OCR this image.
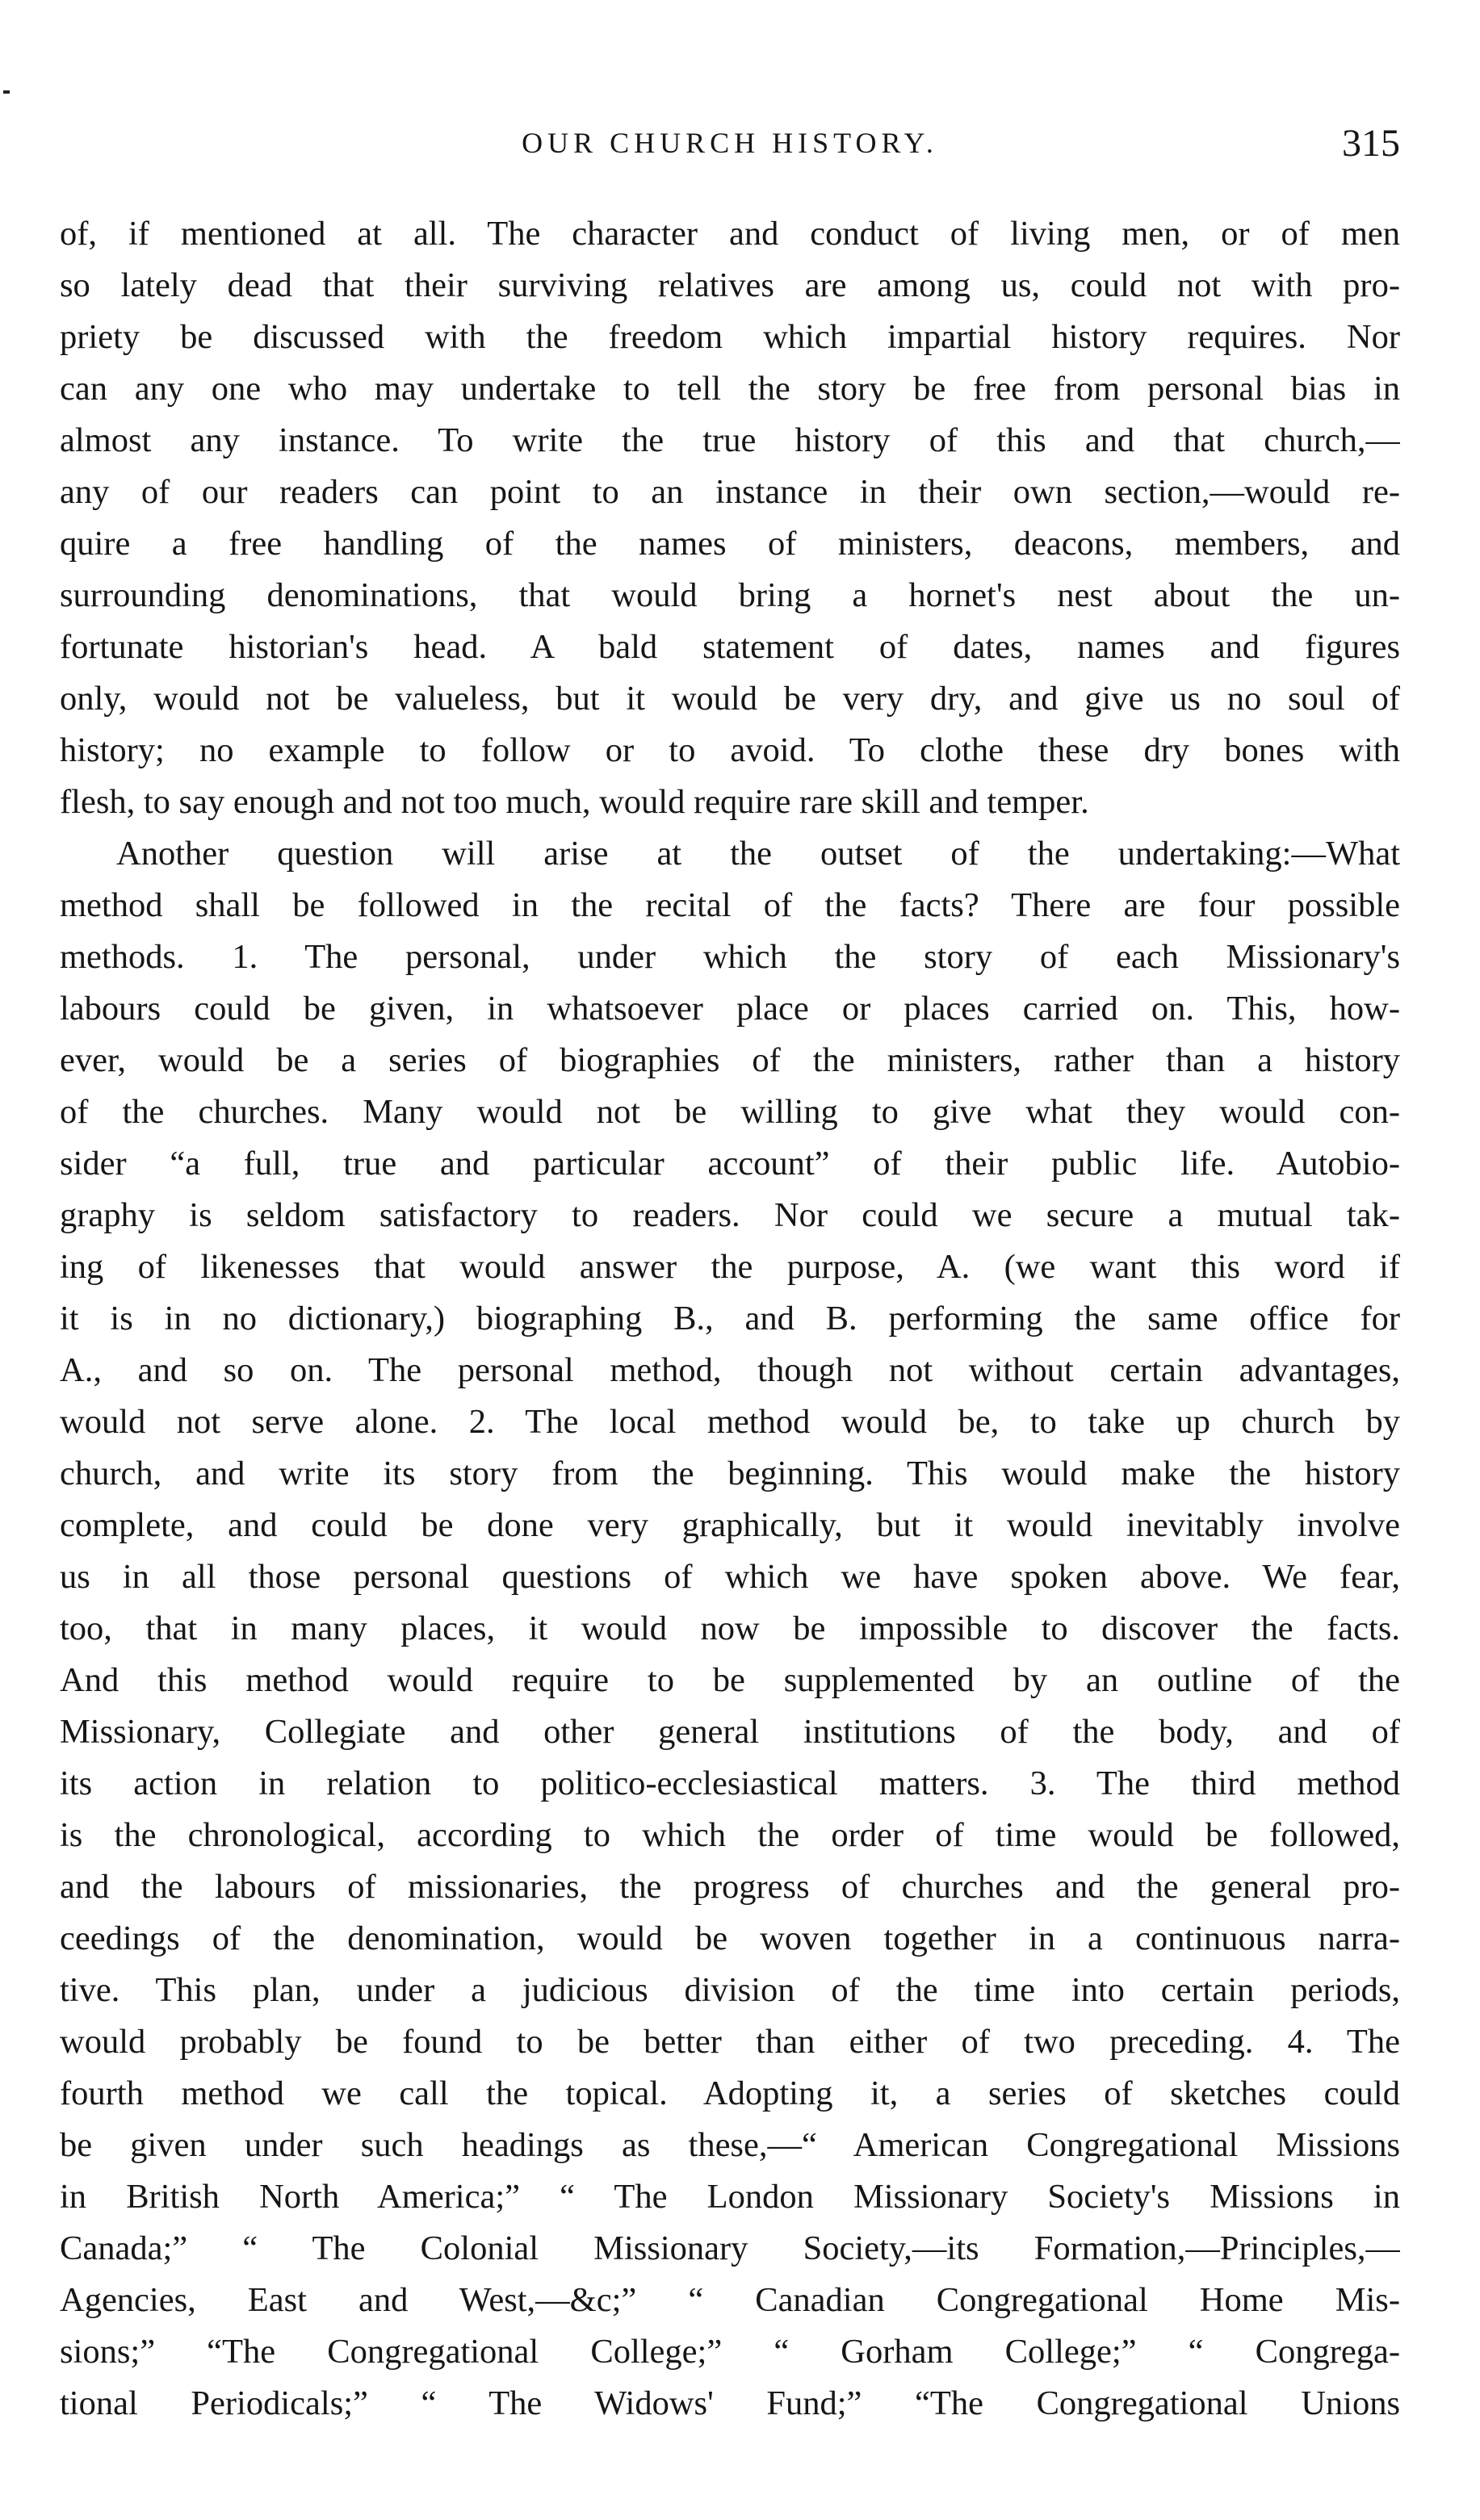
OUR CHURCH HISTORY.	315
of, if mentioned at all. The character and conduct of living men, or of men
so lately dead that their surviving relatives are among us, could not with pro-
priety be discussed with the freedom which impartial history requires. Nor
can any one who may undertake to tell the story be free from personal bias in
almost any instance. To write the true history of this and that church,—
any of our readers can point to an instance in their own section,—would re-
quire a free handling of the names of ministers, deacons, members, and
surrounding denominations, that would bring a hornet's nest about the un-
fortunate historian's head. A bald statement of dates, names and figures
only, would not be valueless, but it would be very dry, and give us no soul of
history; no example to follow or to avoid. To clothe these dry bones with
flesh, to say enough and not too much, would require rare skill and temper.
Another question will arise at the outset of the undertaking:—What
method shall be followed in the recital of the facts? There are four possible
methods. 1. The personal, under which the story of each Missionary's
labours could be given, in whatsoever place or places carried on. This, how-
ever, would be a series of biographies of the ministers, rather than a history
of the churches. Many would not be willing to give what they would con-
sider “a full, true and particular account” of their public life. Autobio-
graphy is seldom satisfactory to readers. Nor could we secure a mutual tak-
ing of likenesses that would answer the purpose, A. (we want this word if
it is in no dictionary,) biographing B., and B. performing the same office for
A., and so on. The personal method, though not without certain advantages,
would not serve alone. 2. The local method would be, to take up church by
church, and write its story from the beginning. This would make the history
complete, and could be done very graphically, but it would inevitably involve
us in all those personal questions of which we have spoken above. We fear,
too, that in many places, it would now be impossible to discover the facts.
And this method would require to be supplemented by an outline of the
Missionary, Collegiate and other general institutions of the body, and of
its action in relation to politico-ecclesiastical matters. 3. The third method
is the chronological, according to which the order of time would be followed,
and the labours of missionaries, the progress of churches and the general pro-
ceedings of the denomination, would be woven together in a continuous narra-
tive. This plan, under a judicious division of the time into certain periods,
would probably be found to be better than either of two preceding. 4. The
fourth method we call the topical. Adopting it, a series of sketches could
be given under such headings as these,—“ American Congregational Missions
in British North America;” “ The London Missionary Society's Missions in
Canada;” “ The Colonial Missionary Society,—its Formation,—Principles,—
Agencies, East and West,—&c;” “ Canadian Congregational Home Mis-
sions;” “The Congregational College;” “ Gorham College;” “ Congrega-
tional Periodicals;” “ The Widows' Fund;” “The Congregational Unions
